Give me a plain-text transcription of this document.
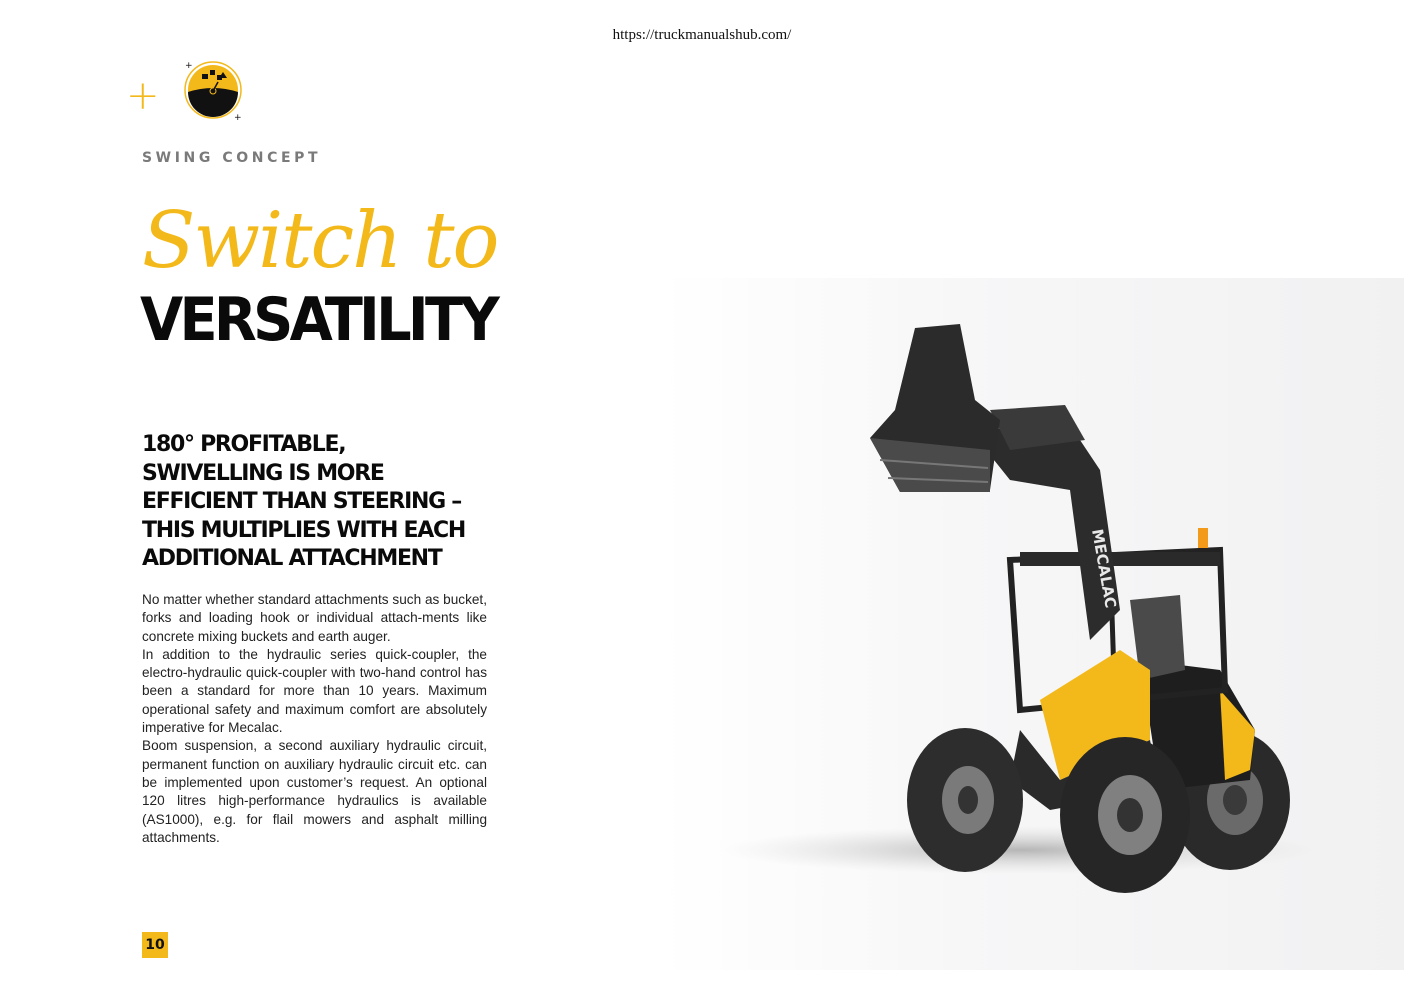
https://truckmanualshub.com/
+
+
+
SWING CONCEPT
Switch to
VERSATILITY
180° PROFITABLE,
SWIVELLING IS MORE
EFFICIENT THAN STEERING –
THIS MULTIPLIES WITH EACH
ADDITIONAL ATTACHMENT

No matter whether standard attachments such as bucket, forks and loading hook or individual attach-ments like concrete mixing buckets and earth auger.

In addition to the hydraulic series quick-coupler, the electro-hydraulic quick-coupler with two-hand control has been a standard for more than 10 years. Maximum operational safety and maximum comfort are absolutely imperative for Mecalac.

Boom suspension, a second auxiliary hydraulic circuit, permanent function on auxiliary hydraulic circuit etc. can be implemented upon customer’s request. An optional 120 litres high-performance hydraulics is available (AS1000), e.g. for flail mowers and asphalt milling attachments.

MECALAC
10
